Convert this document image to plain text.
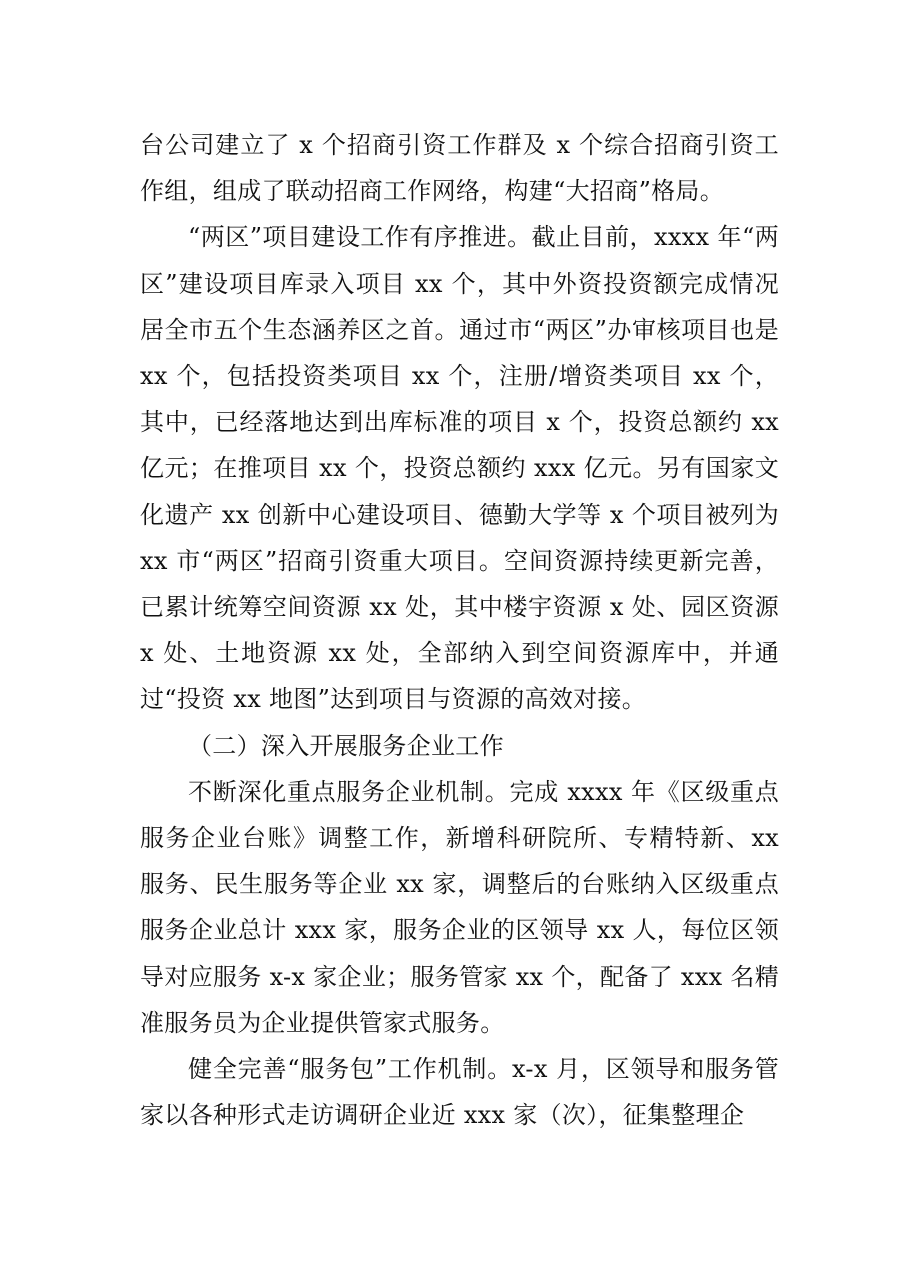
台公司建立了 x 个招商引资工作群及 x 个综合招商引资工作组，组成了联动招商工作网络，构建“大招商”格局。

“两区”项目建设工作有序推进。截止目前，xxxx 年“两区”建设项目库录入项目 xx 个，其中外资投资额完成情况居全市五个生态涵养区之首。通过市“两区”办审核项目也是 xx 个，包括投资类项目 xx 个，注册/增资类项目 xx 个，其中，已经落地达到出库标准的项目 x 个，投资总额约 xx 亿元；在推项目 xx 个，投资总额约 xxx 亿元。另有国家文化遗产 xx 创新中心建设项目、德勤大学等 x 个项目被列为 xx 市“两区”招商引资重大项目。空间资源持续更新完善，已累计统筹空间资源 xx 处，其中楼宇资源 x 处、园区资源 x 处、土地资源 xx 处，全部纳入到空间资源库中，并通过“投资 xx 地图”达到项目与资源的高效对接。

（二）深入开展服务企业工作

不断深化重点服务企业机制。完成 xxxx 年《区级重点服务企业台账》调整工作，新增科研院所、专精特新、xx 服务、民生服务等企业 xx 家，调整后的台账纳入区级重点服务企业总计 xxx 家，服务企业的区领导 xx 人，每位区领导对应服务 x-x 家企业；服务管家 xx 个，配备了 xxx 名精准服务员为企业提供管家式服务。

健全完善“服务包”工作机制。x-x 月，区领导和服务管家以各种形式走访调研企业近 xxx 家（次），征集整理企
